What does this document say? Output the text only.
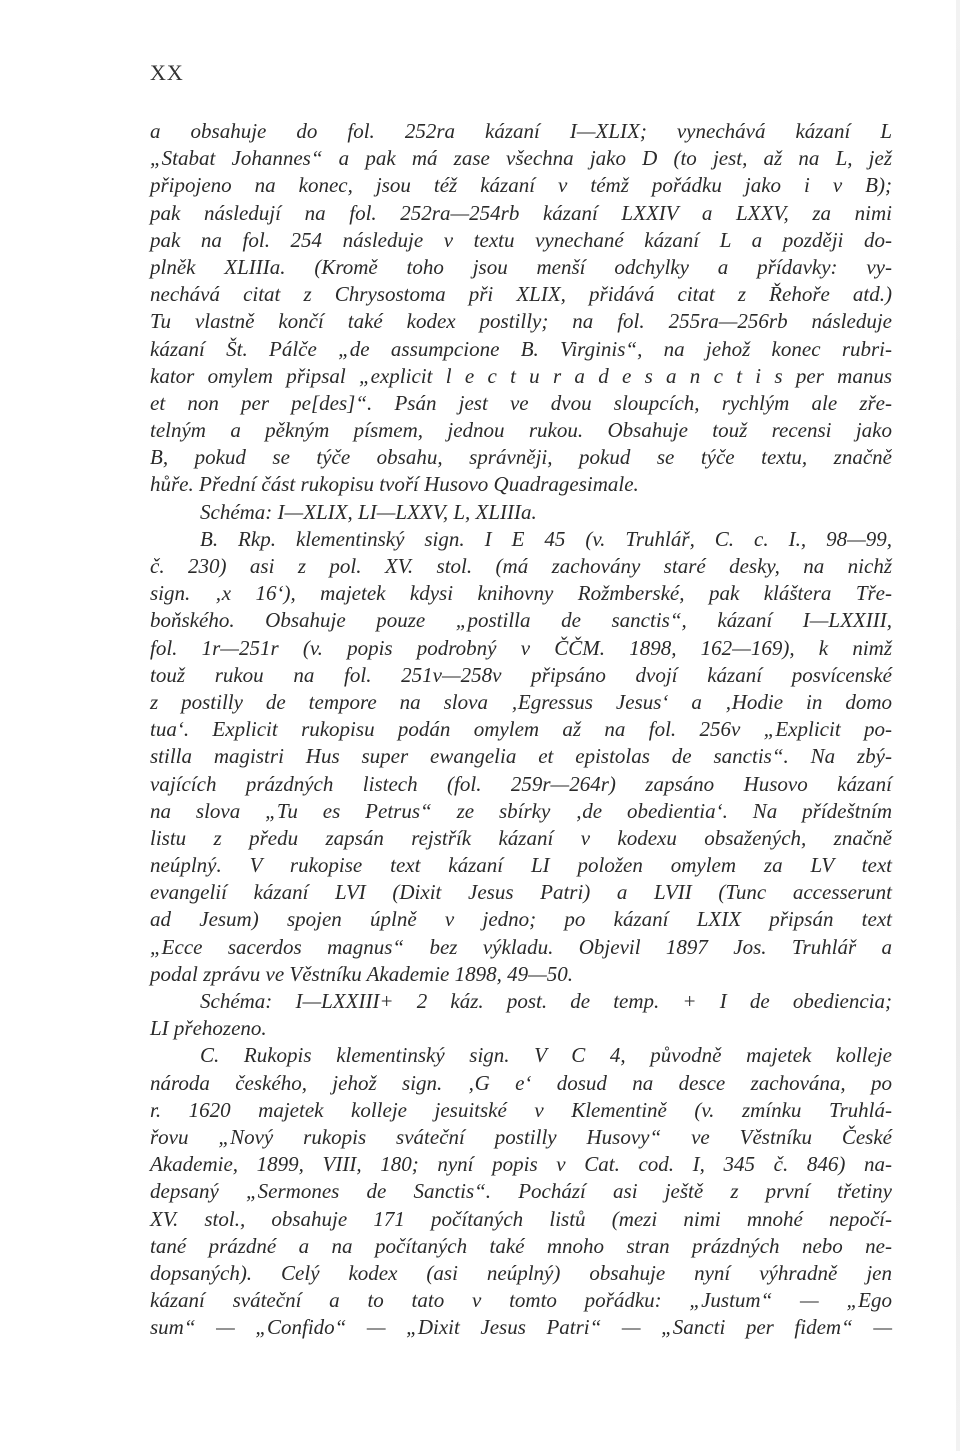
XX
a obsahuje do fol. 252ra kázaní I—XLIX; vynechává kázaní L
„Stabat Johannes“ a pak má zase všechna jako D (to jest, až na L, jež
připojeno na konec, jsou též kázaní v témž pořádku jako i v B);
pak následují na fol. 252ra—254rb kázaní LXXIV a LXXV, za nimi
pak na fol. 254 následuje v textu vynechané kázaní L a později do-
plněk XLIIIa. (Kromě toho jsou menší odchylky a přídavky: vy-
nechává citat z Chrysostoma při XLIX, přidává citat z Řehoře atd.)
Tu vlastně končí také kodex postilly; na fol. 255ra—256rb následuje
kázaní Št. Pálče „de assumpcione B. Virginis“, na jehož konec rubri-
kator omylem připsal „explicit l e c t u r a d e s a n c t i s per manus
et non per pe[des]“. Psán jest ve dvou sloupcích, rychlým ale zře-
telným a pěkným písmem, jednou rukou. Obsahuje touž recensi jako
B, pokud se týče obsahu, správněji, pokud se týče textu, značně
hůře. Přední část rukopisu tvoří Husovo Quadragesimale.
Schéma: I—XLIX, LI—LXXV, L, XLIIIa.
B. Rkp. klementinský sign. I E 45 (v. Truhlář, C. c. I., 98—99,
č. 230) asi z pol. XV. stol. (má zachovány staré desky, na nichž
sign. ‚x 16‘), majetek kdysi knihovny Rožmberské, pak kláštera Tře-
boňského. Obsahuje pouze „postilla de sanctis“, kázaní I—LXXIII,
fol. 1r—251r (v. popis podrobný v ČČM. 1898, 162—169), k nimž
touž rukou na fol. 251v—258v připsáno dvojí kázaní posvícenské
z postilly de tempore na slova ‚Egressus Jesus‘ a ‚Hodie in domo
tua‘. Explicit rukopisu podán omylem až na fol. 256v „Explicit po-
stilla magistri Hus super ewangelia et epistolas de sanctis“. Na zbý-
vajících prázdných listech (fol. 259r—264r) zapsáno Husovo kázaní
na slova „Tu es Petrus“ ze sbírky ‚de obedientia‘. Na přídeštním
listu z předu zapsán rejstřík kázaní v kodexu obsažených, značně
neúplný. V rukopise text kázaní LI položen omylem za LV text
evangelií kázaní LVI (Dixit Jesus Patri) a LVII (Tunc accesserunt
ad Jesum) spojen úplně v jedno; po kázaní LXIX připsán text
„Ecce sacerdos magnus“ bez výkladu. Objevil 1897 Jos. Truhlář a
podal zprávu ve Věstníku Akademie 1898, 49—50.
Schéma: I—LXXIII+ 2 káz. post. de temp. + I de obediencia;
LI přehozeno.
C. Rukopis klementinský sign. V C 4, původně majetek kolleje
národa českého, jehož sign. ‚G e‘ dosud na desce zachována, po
r. 1620 majetek kolleje jesuitské v Klementině (v. zmínku Truhlá-
řovu „Nový rukopis sváteční postilly Husovy“ ve Věstníku České
Akademie, 1899, VIII, 180; nyní popis v Cat. cod. I, 345 č. 846) na-
depsaný „Sermones de Sanctis“. Pochází asi ještě z první třetiny
XV. stol., obsahuje 171 počítaných listů (mezi nimi mnohé nepočí-
tané prázdné a na počítaných také mnoho stran prázdných nebo ne-
dopsaných). Celý kodex (asi neúplný) obsahuje nyní výhradně jen
kázaní sváteční a to tato v tomto pořádku: „Justum“ — „Ego
sum“ — „Confido“ — „Dixit Jesus Patri“ — „Sancti per fidem“ —
